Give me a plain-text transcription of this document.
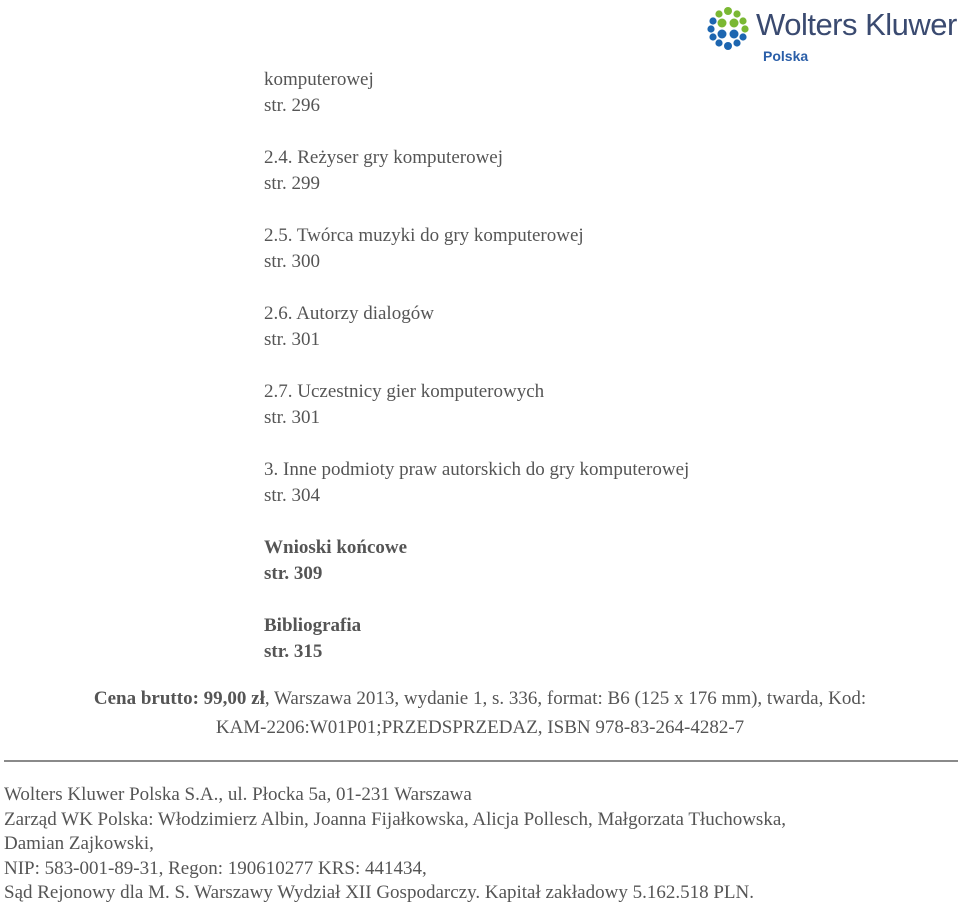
Wolters Kluwer
Polska
komputerowej
str. 296
2.4. Reżyser gry komputerowej
str. 299
2.5. Twórca muzyki do gry komputerowej
str. 300
2.6. Autorzy dialogów
str. 301
2.7. Uczestnicy gier komputerowych
str. 301
3. Inne podmioty praw autorskich do gry komputerowej
str. 304
Wnioski końcowe
str. 309
Bibliografia
str. 315
Cena brutto: 99,00 zł, Warszawa 2013, wydanie 1, s. 336, format: B6 (125 x 176 mm), twarda, Kod:
KAM-2206:W01P01;PRZEDSPRZEDAZ, ISBN 978-83-264-4282-7
Wolters Kluwer Polska S.A., ul. Płocka 5a, 01-231 Warszawa
Zarząd WK Polska: Włodzimierz Albin, Joanna Fijałkowska, Alicja Pollesch, Małgorzata Tłuchowska,
Damian Zajkowski,
NIP: 583-001-89-31, Regon: 190610277 KRS: 441434,
Sąd Rejonowy dla M. S. Warszawy Wydział XII Gospodarczy. Kapitał zakładowy 5.162.518 PLN.
